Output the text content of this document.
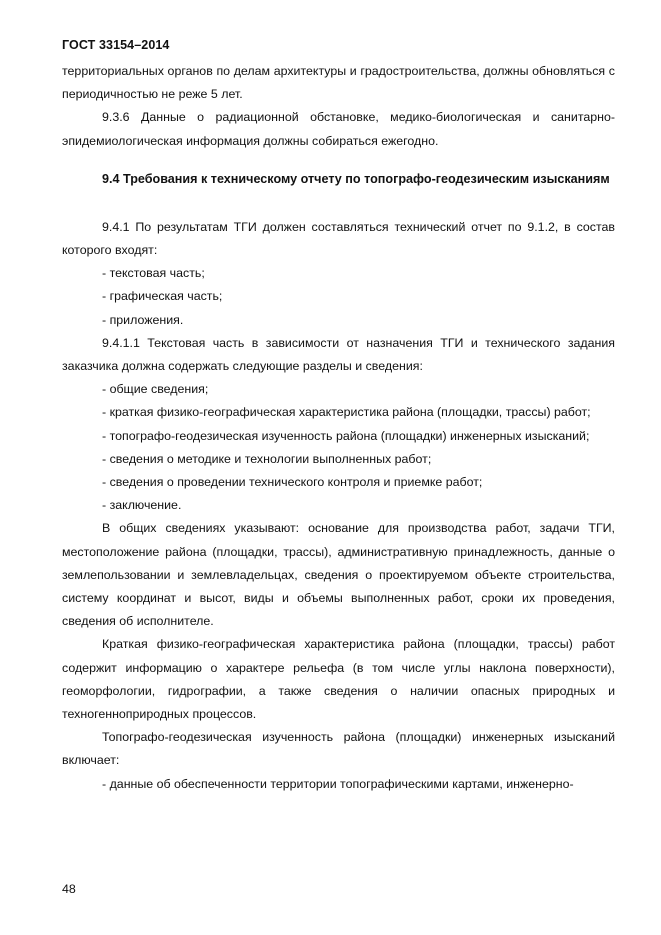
ГОСТ 33154–2014

территориальных органов по делам архитектуры и градостроительства, должны обновляться с периодичностью не реже 5 лет.

9.3.6 Данные о радиационной обстановке, медико-биологическая и санитарно-эпидемиологическая информация должны собираться ежегодно.

9.4 Требования к техническому отчету по топографо-геодезическим изысканиям

9.4.1 По результатам ТГИ должен составляться технический отчет по 9.1.2, в состав которого входят:

- текстовая часть;

- графическая часть;

- приложения.

9.4.1.1 Текстовая часть в зависимости от назначения ТГИ и технического задания заказчика должна содержать следующие разделы и сведения:

- общие сведения;

- краткая физико-географическая характеристика района (площадки, трассы) работ;

- топографо-геодезическая изученность района (площадки) инженерных изысканий;

- сведения о методике и технологии выполненных работ;

- сведения о проведении технического контроля и приемке работ;

- заключение.

В общих сведениях указывают: основание для производства работ, задачи ТГИ, местоположение района (площадки, трассы), административную принадлежность, данные о землепользовании и землевладельцах, сведения о проектируемом объекте строительства, систему координат и высот, виды и объемы выполненных работ, сроки их проведения, сведения об исполнителе.

Краткая физико-географическая характеристика района (площадки, трассы) работ содержит информацию о характере рельефа (в том числе углы наклона поверхности), геоморфологии, гидрографии, а также сведения о наличии опасных природных и техногенноприродных процессов.

Топографо-геодезическая изученность района (площадки) инженерных изысканий включает:

- данные об обеспеченности территории топографическими картами, инженерно-

48
